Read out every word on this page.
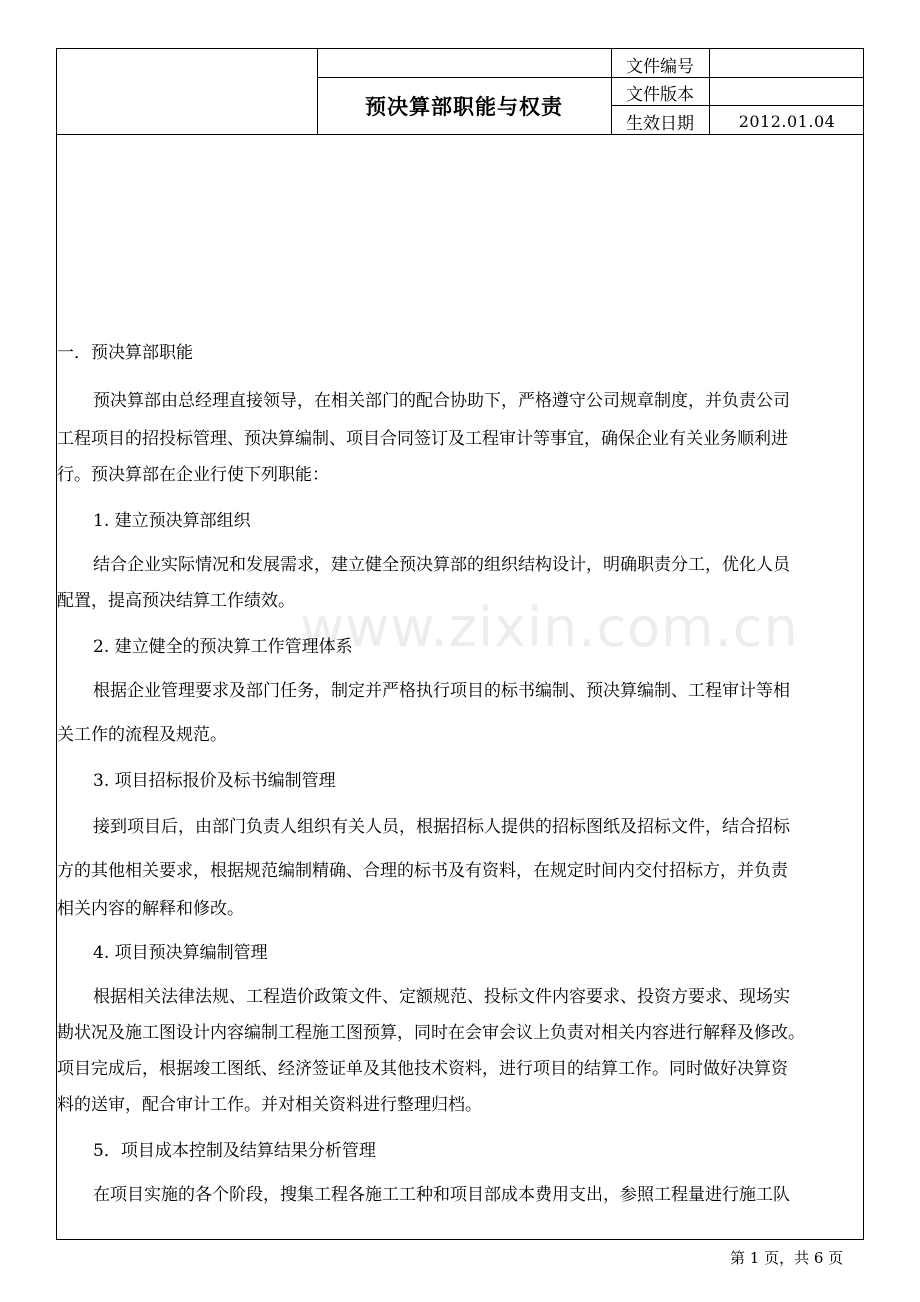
文件编号
文件版本
生效日期	2012.01.04
预决算部职能与权责
www.zixin.com.cn
一．预决算部职能
预决算部由总经理直接领导，在相关部门的配合协助下，严格遵守公司规章制度，并负责公司
工程项目的招投标管理、预决算编制、项目合同签订及工程审计等事宜，确保企业有关业务顺利进
行。预决算部在企业行使下列职能：
1. 建立预决算部组织
结合企业实际情况和发展需求，建立健全预决算部的组织结构设计，明确职责分工，优化人员
配置，提高预决结算工作绩效。
2. 建立健全的预决算工作管理体系
根据企业管理要求及部门任务，制定并严格执行项目的标书编制、预决算编制、工程审计等相
关工作的流程及规范。
3. 项目招标报价及标书编制管理
接到项目后，由部门负责人组织有关人员，根据招标人提供的招标图纸及招标文件，结合招标
方的其他相关要求，根据规范编制精确、合理的标书及有资料，在规定时间内交付招标方，并负责
相关内容的解释和修改。
4. 项目预决算编制管理
根据相关法律法规、工程造价政策文件、定额规范、投标文件内容要求、投资方要求、现场实
勘状况及施工图设计内容编制工程施工图预算，同时在会审会议上负责对相关内容进行解释及修改。
项目完成后，根据竣工图纸、经济签证单及其他技术资料，进行项目的结算工作。同时做好决算资
料的送审，配合审计工作。并对相关资料进行整理归档。
5．项目成本控制及结算结果分析管理
在项目实施的各个阶段，搜集工程各施工工种和项目部成本费用支出，参照工程量进行施工队
第 1 页，共 6 页
